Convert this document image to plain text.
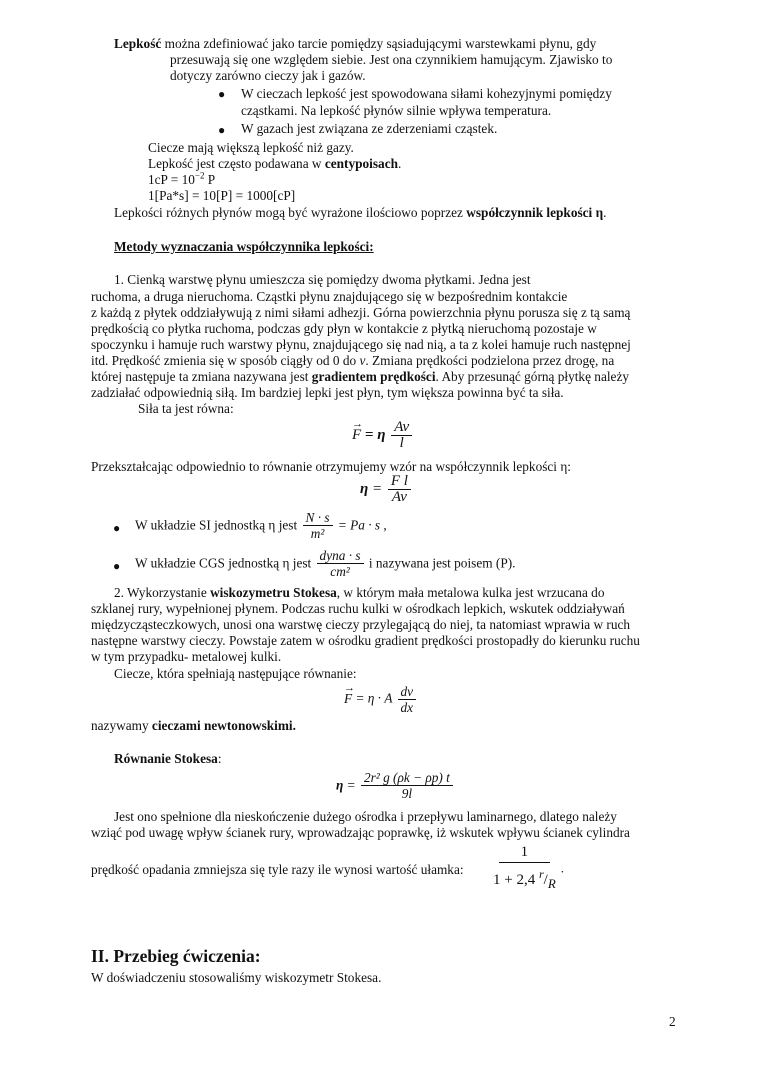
Lepkość można zdefiniować jako tarcie pomiędzy sąsiadującymi warstewkami płynu, gdy
przesuwają się one względem siebie. Jest ona czynnikiem hamującym. Zjawisko to
dotyczy zarówno cieczy jak i gazów.
● W cieczach lepkość jest spowodowana siłami kohezyjnymi pomiędzy
cząstkami. Na lepkość płynów silnie wpływa temperatura.
● W gazach jest związana ze zderzeniami cząstek.
Ciecze mają większą lepkość niż gazy.
Lepkość jest często podawana w centypoisach.
$1cP = 10^{-2}$ P
1[Pa*s] = 10[P] = 1000[cP]
Lepkości różnych płynów mogą być wyrażone ilościowo poprzez współczynnik lepkości η.
Metody wyznaczania współczynnika lepkości:
1. Cienką warstwę płynu umieszcza się pomiędzy dwoma płytkami. Jedna jest
ruchoma, a druga nieruchoma. Cząstki płynu znajdującego się w bezpośrednim kontakcie
z każdą z płytek oddziaływują z nimi siłami adhezji. Górna powierzchnia płynu porusza się z tą samą
prędkością co płytka ruchoma, podczas gdy płyn w kontakcie z płytką nieruchomą pozostaje w
spoczynku i hamuje ruch warstwy płynu, znajdującego się nad nią, a ta z kolei hamuje ruch następnej
itd. Prędkość zmienia się w sposób ciągły od 0 do v. Zmiana prędkości podzielona przez drogę, na
której następuje ta zmiana nazywana jest gradientem prędkości. Aby przesunąć górną płytkę należy
zadziałać odpowiednią siłą. Im bardziej lepki jest płyn, tym większa powinna być ta siła.
Siła ta jest równa:
→
F = η $\frac{Av}{l}$
Przekształcając odpowiednio to równanie otrzymujemy wzór na współczynnik lepkości η:
$\eta = \frac{\text{F l}}{Av}$
● W układzie SI jednostką η jest $\frac{N \cdot s}{\text{m²}} = Pa \cdot s$ ,
● W układzie CGS jednostką η jest $\frac{\text{dyna · s}}{\text{cm²}}$ i nazywana jest poisem (P).
2. Wykorzystanie wiskozymetru Stokesa, w którym mała metalowa kulka jest wrzucana do
szklanej rury, wypełnionej płynem. Podczas ruchu kulki w ośrodkach lepkich, wskutek oddziaływań
międzycząsteczkowych, unosi ona warstwę cieczy przylegającą do niej, ta natomiast wprawia w ruch
następne warstwy cieczy. Powstaje zatem w ośrodku gradient prędkości prostopadły do kierunku ruchu
w tym przypadku- metalowej kulki.
Ciecze, która spełniają następujące równanie:
→
F = η · A $\frac{dv}{dx}$
nazywamy cieczami newtonowskimi.
Równanie Stokesa:
$\eta = \frac{\text{2r² g (ρk − ρp) t}}{9l}$
Jest ono spełnione dla nieskończenie dużego ośrodka i przepływu laminarnego, dlatego należy
wziąć pod uwagę wpływ ścianek rury, wprowadzając poprawkę, iż wskutek wpływu ścianek cylindra
prędkość opadania zmniejsza się tyle razy ile wynosi wartość ułamka: $\frac{1}{1 + 2,4 ^r/R}$ .
II. Przebieg ćwiczenia:
W doświadczeniu stosowaliśmy wiskozymetr Stokesa.
2
